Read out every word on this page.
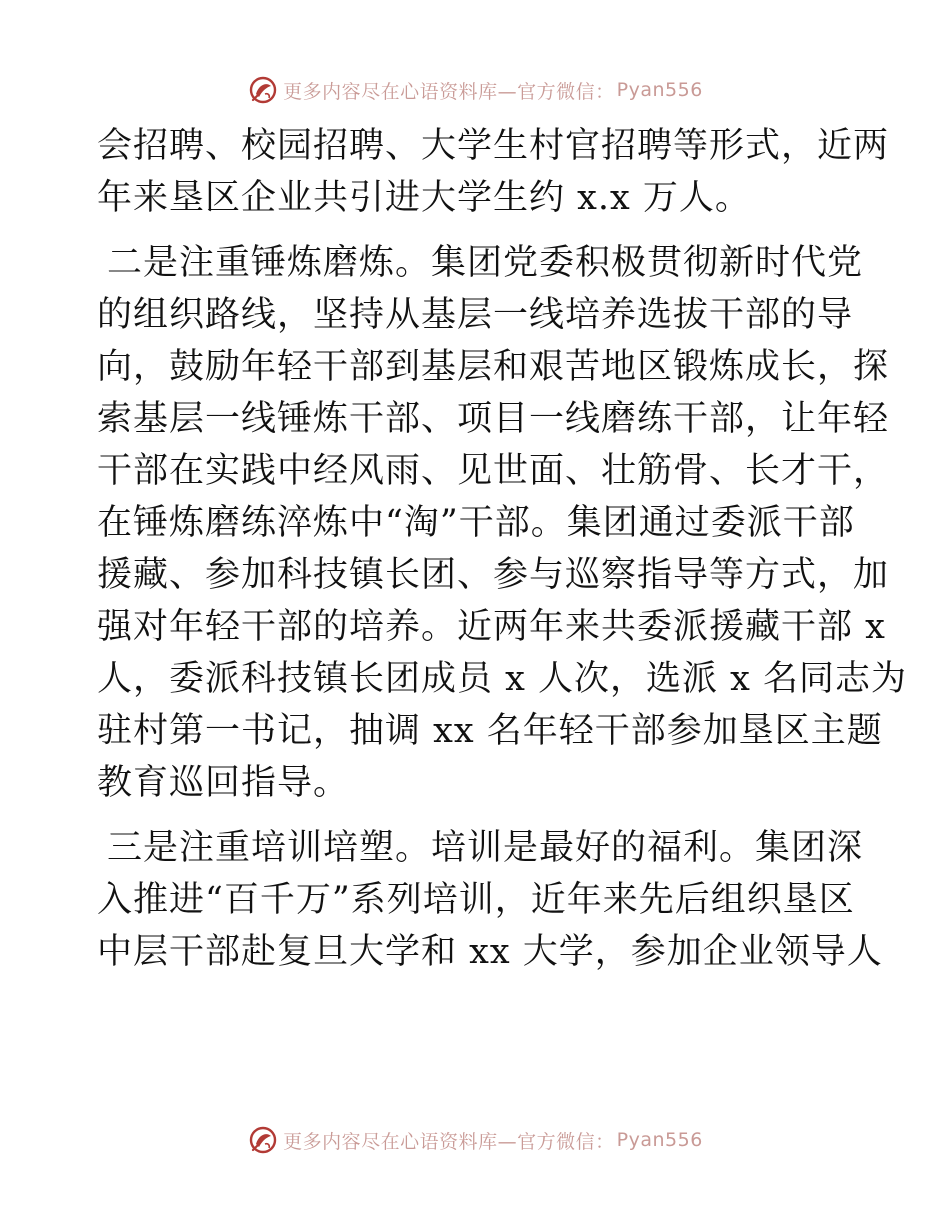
更多内容尽在心语资料库—官方微信： Pyan556
会招聘、校园招聘、大学生村官招聘等形式，近两
年来垦区企业共引进大学生约 x.x 万人。
二是注重锤炼磨炼。集团党委积极贯彻新时代党
的组织路线，坚持从基层一线培养选拔干部的导
向，鼓励年轻干部到基层和艰苦地区锻炼成长，探
索基层一线锤炼干部、项目一线磨练干部，让年轻
干部在实践中经风雨、见世面、壮筋骨、长才干，
在锤炼磨练淬炼中“淘”干部。集团通过委派干部
援藏、参加科技镇长团、参与巡察指导等方式，加
强对年轻干部的培养。近两年来共委派援藏干部 x
人，委派科技镇长团成员 x 人次，选派 x 名同志为
驻村第一书记，抽调 xx 名年轻干部参加垦区主题
教育巡回指导。
三是注重培训培塑。培训是最好的福利。集团深
入推进“百千万”系列培训，近年来先后组织垦区
中层干部赴复旦大学和 xx 大学，参加企业领导人
更多内容尽在心语资料库—官方微信： Pyan556
